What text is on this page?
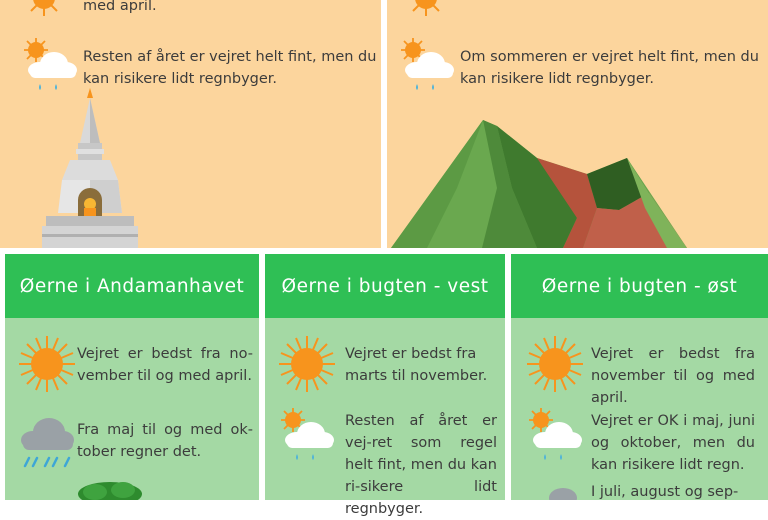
med april.
Resten af året er vejret helt fint, men du kan risikere lidt regnbyger.
Om sommeren er vejret helt fint, men du kan risikere lidt regnbyger.
Øerne i Andamanhavet
Vejret er bedst fra no-vember til og med april.
Fra maj til og med ok-tober regner det.
Øerne i bugten - vest
Vejret er bedst fra marts til november.
Resten af året er vej-ret som regel helt fint, men du kan ri-sikere lidt regnbyger.
Øerne i bugten - øst
Vejret er bedst fra november til og med april.
Vejret er OK i maj, juni og oktober, men du kan risikere lidt regn.
I juli, august og sep-
